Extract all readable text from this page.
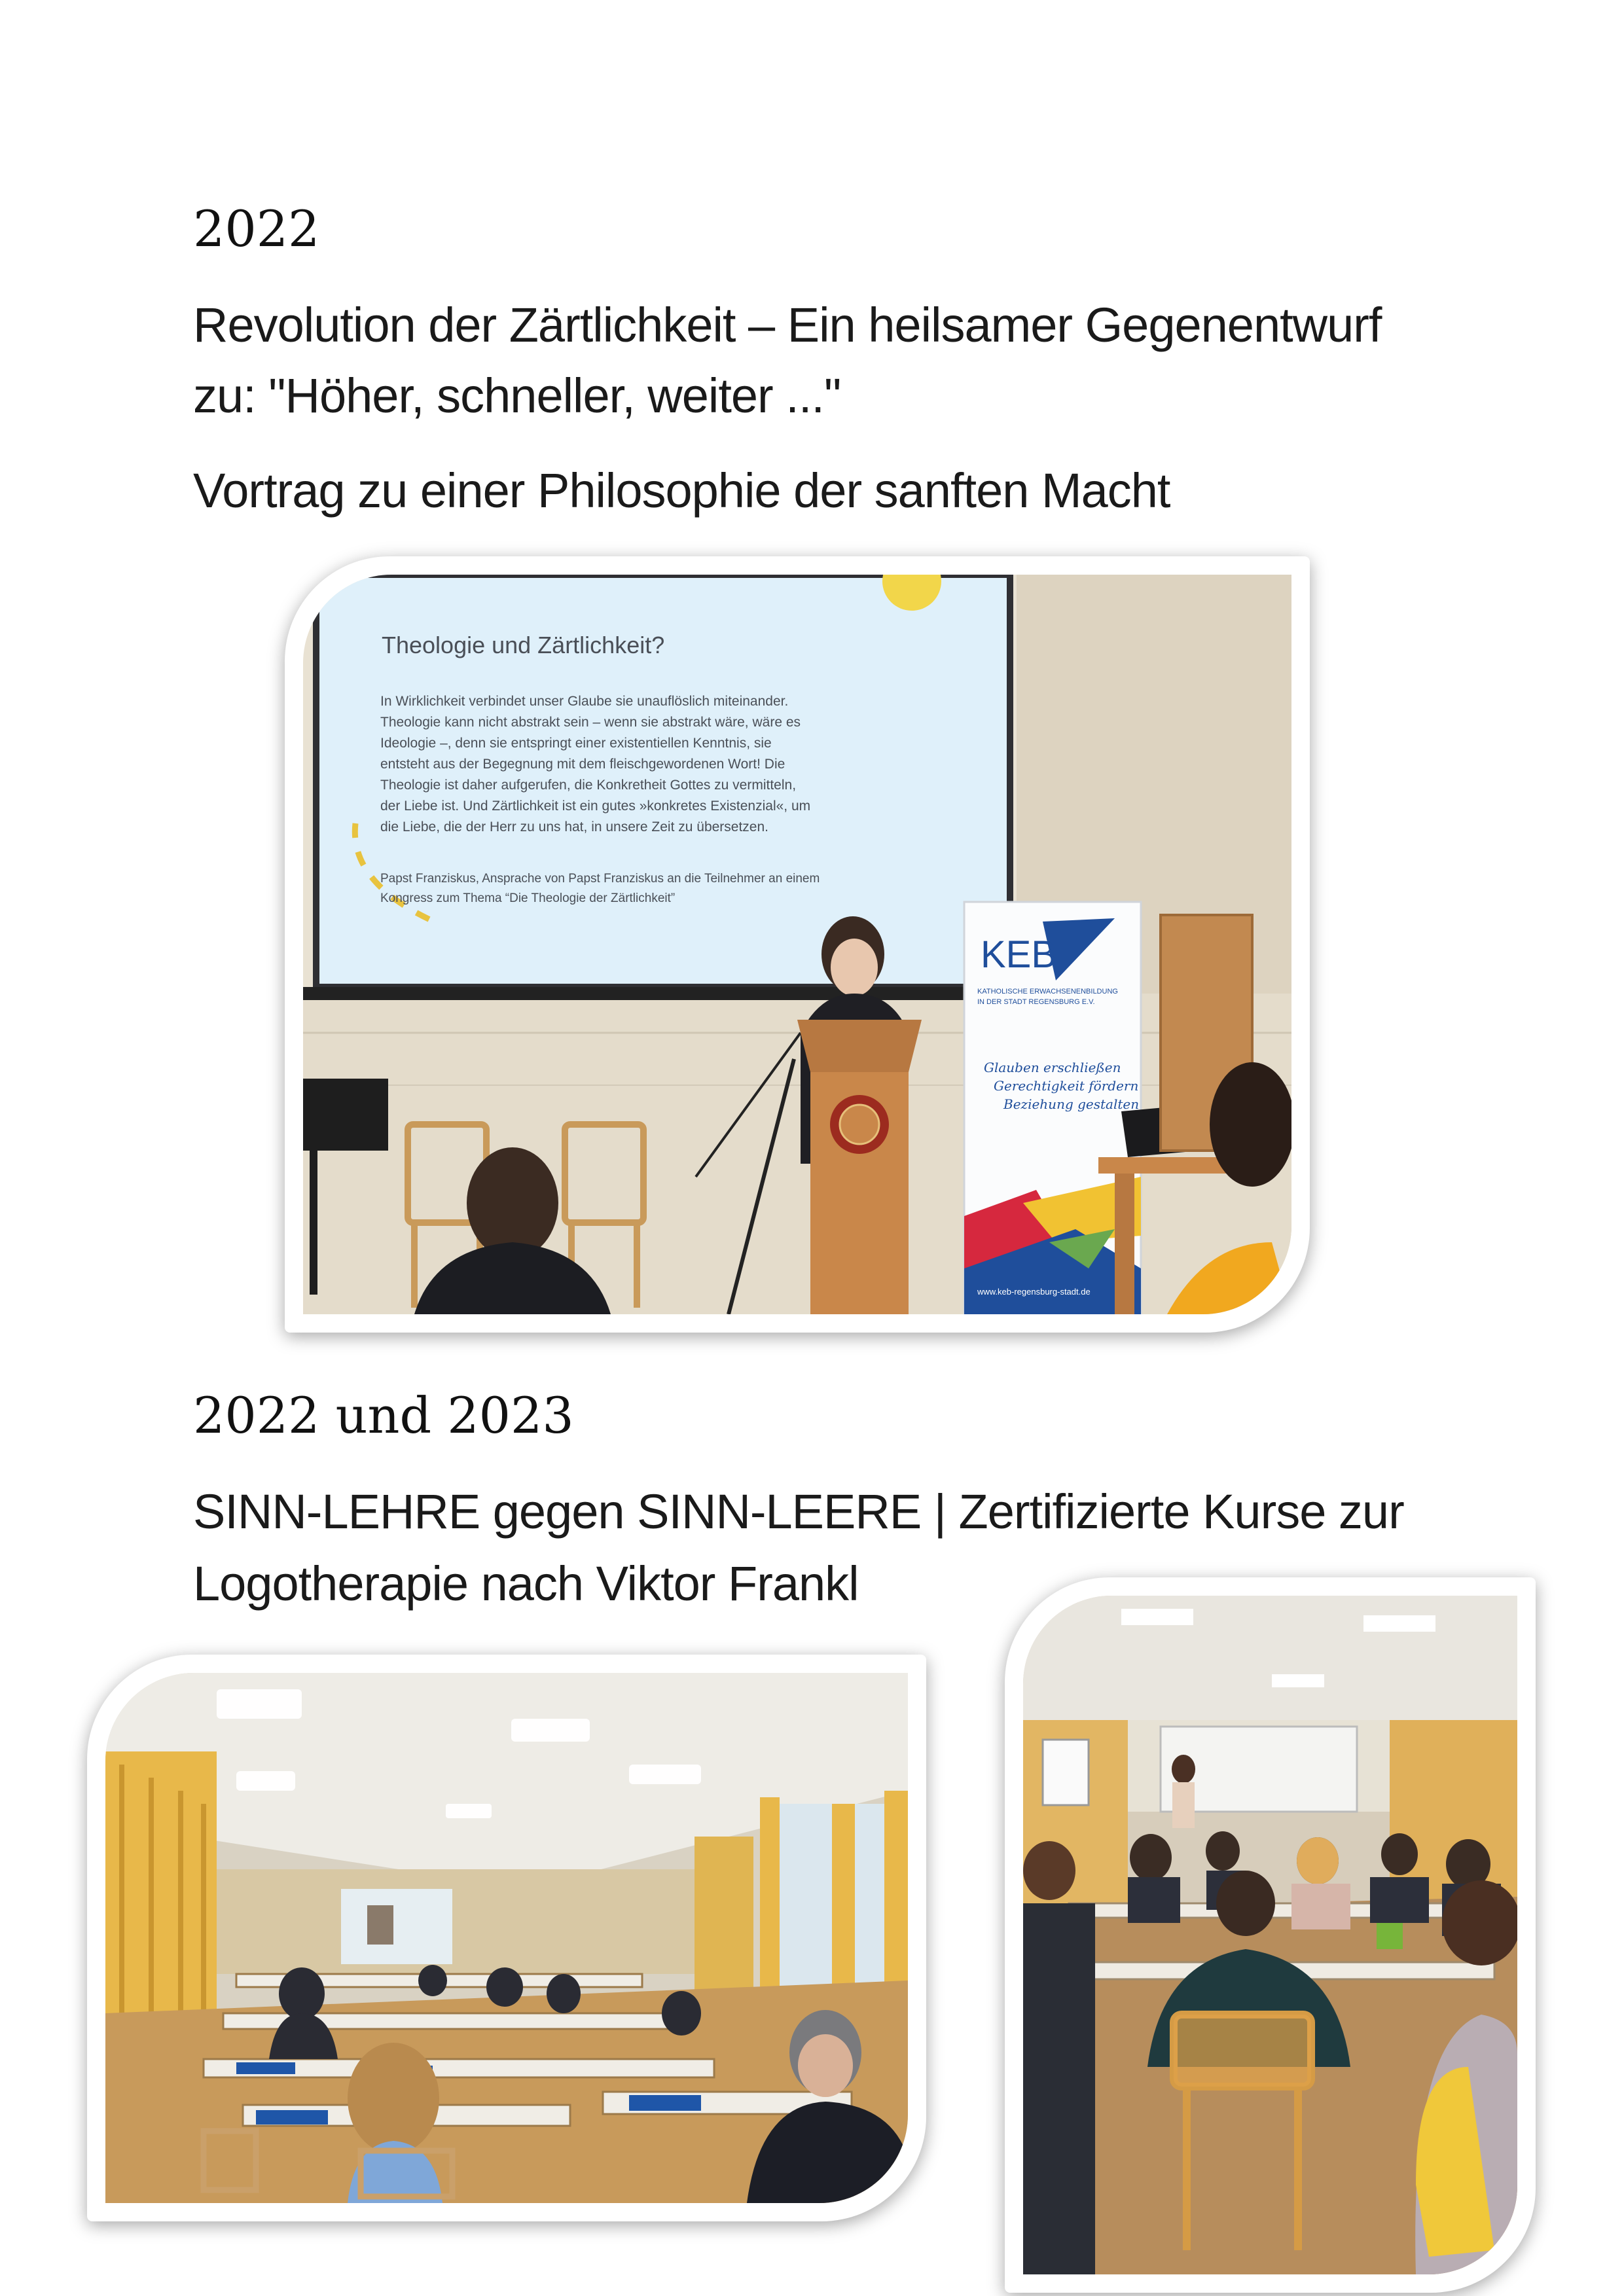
2022

Revolution der Zärtlichkeit – Ein heilsamer Gegenentwurf

zu: "Höher, schneller, weiter ..."

Vortrag zu einer Philosophie der sanften Macht

Theologie und Zärtlichkeit?
In Wirklichkeit verbindet unser Glaube sie unauflöslich miteinander.
Theologie kann nicht abstrakt sein – wenn sie abstrakt wäre, wäre es
Ideologie –, denn sie entspringt einer existentiellen Kenntnis, sie
entsteht aus der Begegnung mit dem fleischgewordenen Wort! Die
Theologie ist daher aufgerufen, die Konkretheit Gottes zu vermitteln,
der Liebe ist. Und Zärtlichkeit ist ein gutes »konkretes Existenzial«, um
die Liebe, die der Herr zu uns hat, in unsere Zeit zu übersetzen.
Papst Franziskus, Ansprache von Papst Franziskus an die Teilnehmer an einem
Kongress zum Thema “Die Theologie der Zärtlichkeit”
KEB
KATHOLISCHE ERWACHSENENBILDUNG
IN DER STADT REGENSBURG E.V.
Glauben erschließen
Gerechtigkeit fördern
Beziehung gestalten
www.keb-regensburg-stadt.de
2022 und 2023

SINN-LEHRE gegen SINN-LEERE | Zertifizierte Kurse zur

Logotherapie nach Viktor Frankl
